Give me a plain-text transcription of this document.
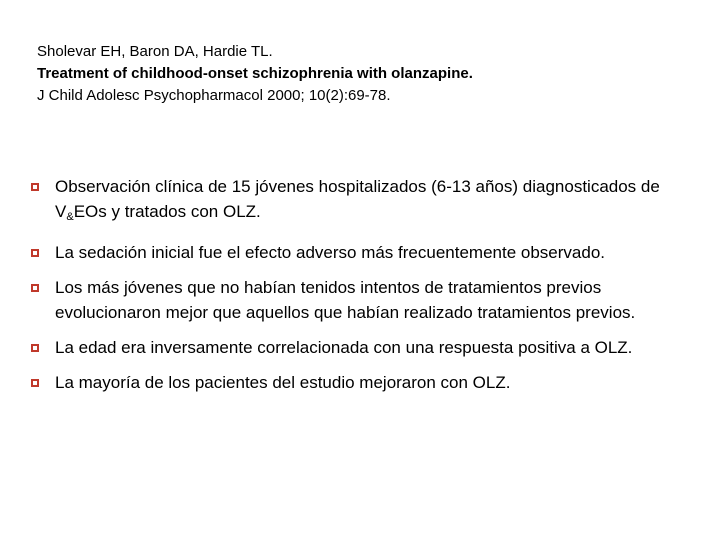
Sholevar EH, Baron DA, Hardie TL.
Treatment of childhood-onset schizophrenia with olanzapine.
J Child Adolesc Psychopharmacol 2000; 10(2):69-78.
Observación clínica de 15 jóvenes hospitalizados (6-13 años) diagnosticados de $V_{\&}EOs$ y tratados con OLZ.
La sedación inicial fue el efecto adverso más frecuentemente observado.
Los más jóvenes que no habían tenidos intentos de tratamientos previos evolucionaron mejor que aquellos que habían realizado tratamientos previos.
La edad era inversamente correlacionada con una respuesta positiva a OLZ.
La mayoría de los pacientes del estudio mejoraron con OLZ.
